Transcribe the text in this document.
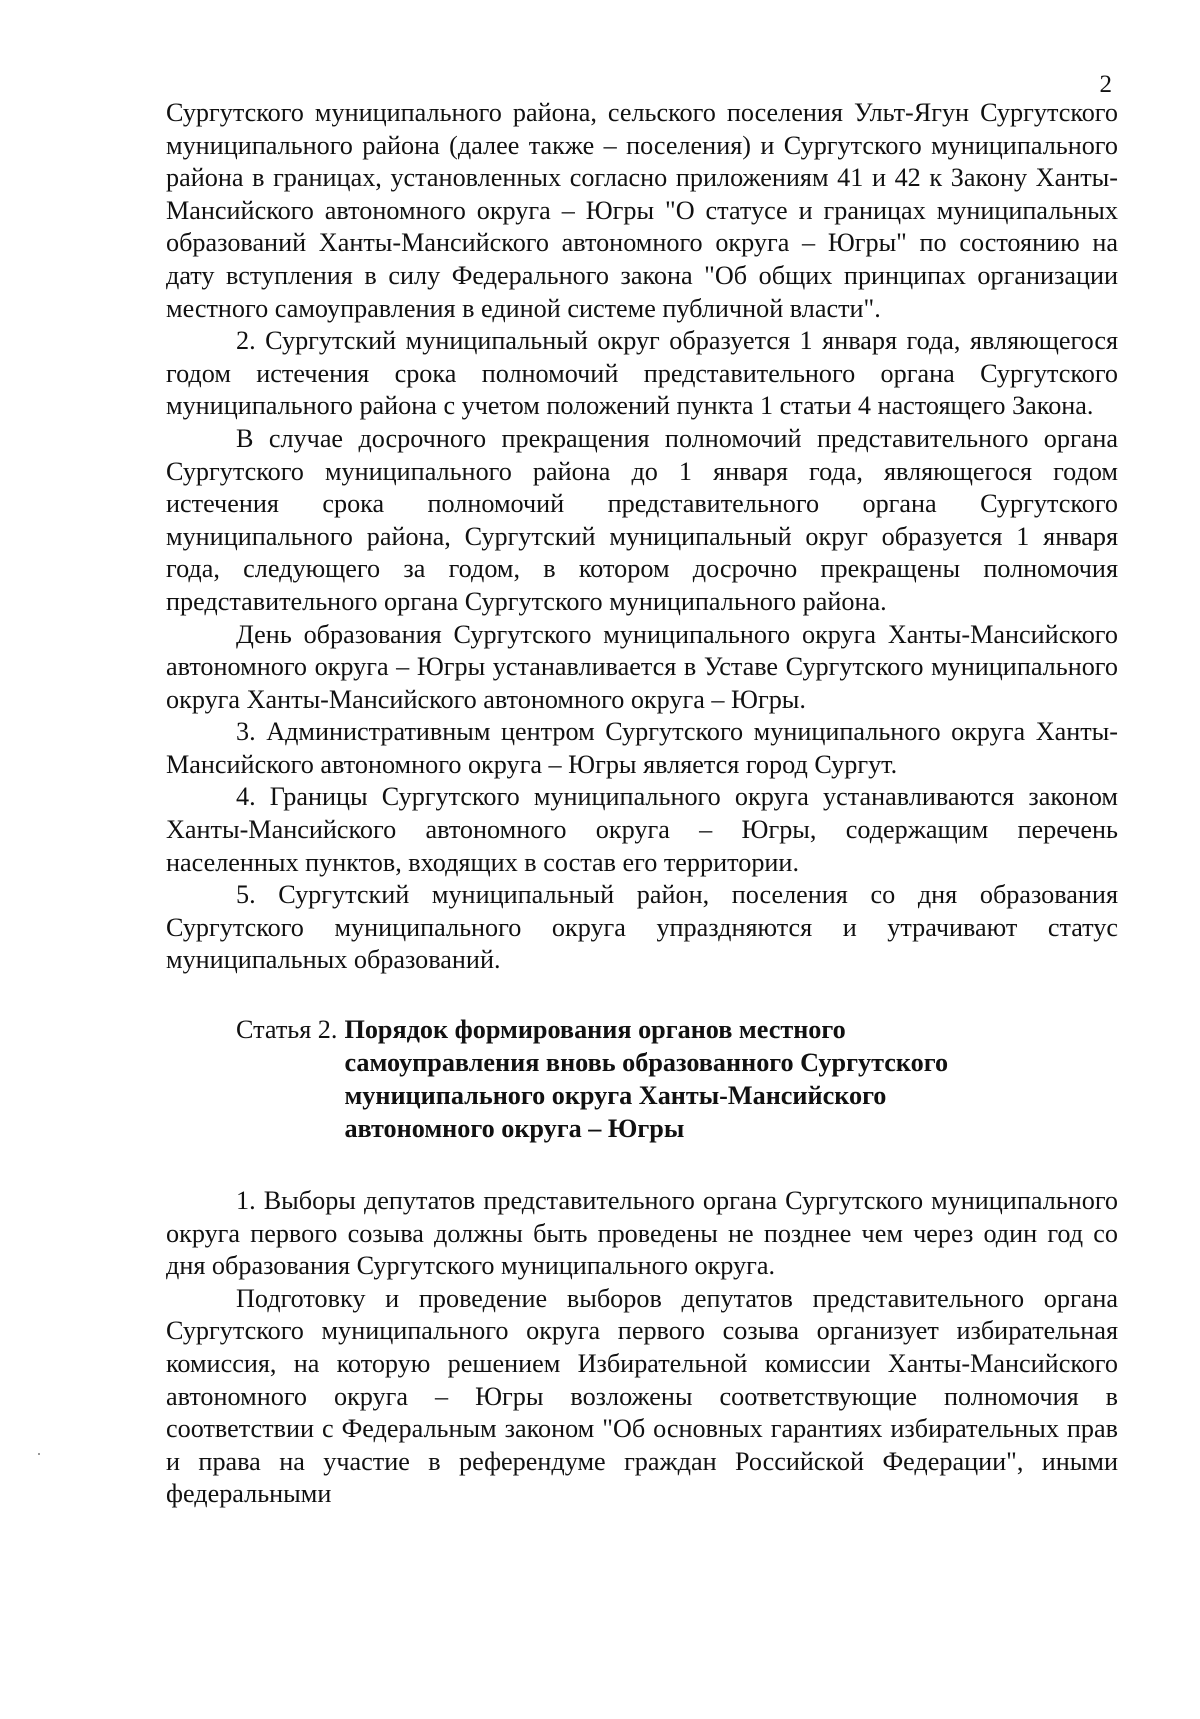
2

Сургутского муниципального района, сельского поселения Ульт-Ягун Сургутского муниципального района (далее также – поселения) и Сургутского муниципального района в границах, установленных согласно приложениям 41 и 42 к Закону Ханты-Мансийского автономного округа – Югры "О статусе и границах муниципальных образований Ханты-Мансийского автономного округа – Югры" по состоянию на дату вступления в силу Федерального закона "Об общих принципах организации местного самоуправления в единой системе публичной власти".

2. Сургутский муниципальный округ образуется 1 января года, являющегося годом истечения срока полномочий представительного органа Сургутского муниципального района с учетом положений пункта 1 статьи 4 настоящего Закона.

В случае досрочного прекращения полномочий представительного органа Сургутского муниципального района до 1 января года, являющегося годом истечения срока полномочий представительного органа Сургутского муниципального района, Сургутский муниципальный округ образуется 1 января года, следующего за годом, в котором досрочно прекращены полномочия представительного органа Сургутского муниципального района.

День образования Сургутского муниципального округа Ханты-Мансийского автономного округа – Югры устанавливается в Уставе Сургутского муниципального округа Ханты-Мансийского автономного округа – Югры.

3. Административным центром Сургутского муниципального округа Ханты-Мансийского автономного округа – Югры является город Сургут.

4. Границы Сургутского муниципального округа устанавливаются законом Ханты-Мансийского автономного округа – Югры, содержащим перечень населенных пунктов, входящих в состав его территории.

5. Сургутский муниципальный район, поселения со дня образования Сургутского муниципального округа упраздняются и утрачивают статус муниципальных образований.

Статья 2. Порядок формирования органов местного
самоуправления вновь образованного Сургутского
муниципального округа Ханты-Мансийского
автономного округа – Югры

1. Выборы депутатов представительного органа Сургутского муниципального округа первого созыва должны быть проведены не позднее чем через один год со дня образования Сургутского муниципального округа.

Подготовку и проведение выборов депутатов представительного органа Сургутского муниципального округа первого созыва организует избирательная комиссия, на которую решением Избирательной комиссии Ханты-Мансийского автономного округа – Югры возложены соответствующие полномочия в соответствии с Федеральным законом "Об основных гарантиях избирательных прав и права на участие в референдуме граждан Российской Федерации", иными федеральными
